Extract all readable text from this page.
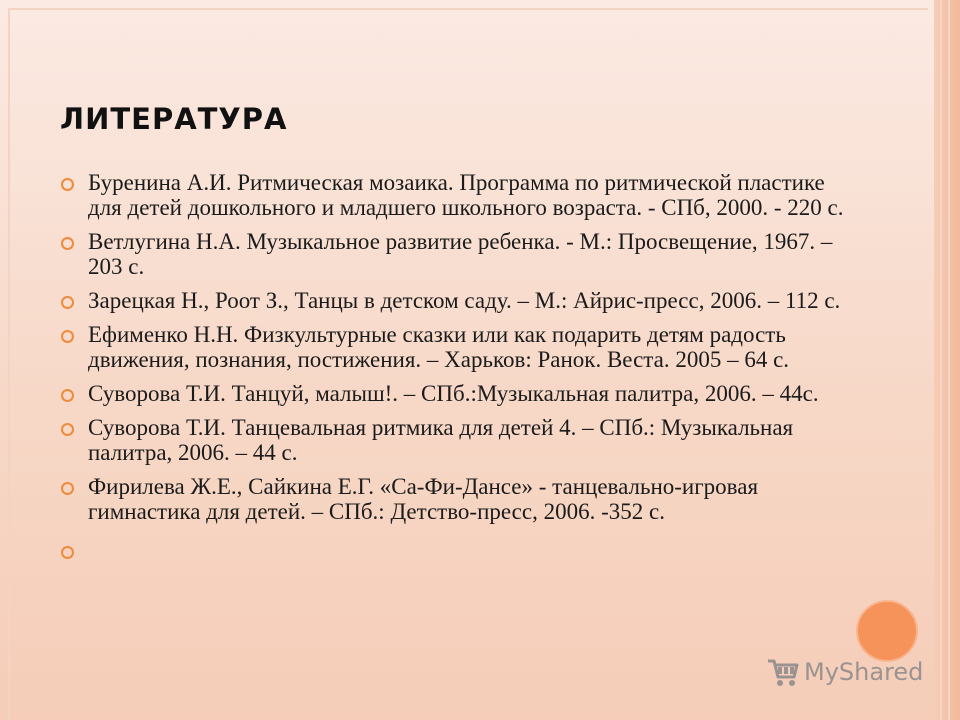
ЛИТЕРАТУРА
Буренина А.И. Ритмическая мозаика. Программа по ритмической пластике для детей дошкольного и младшего школьного возраста. - СПб, 2000. - 220 с.
Ветлугина Н.А. Музыкальное развитие ребенка. - М.: Просвещение, 1967. – 203 с.
Зарецкая Н., Роот З., Танцы в детском саду. – М.: Айрис-пресс, 2006. – 112 с.
Ефименко Н.Н. Физкультурные сказки или как подарить детям радость движения, познания, постижения. – Харьков: Ранок. Веста. 2005 – 64 с.
Суворова Т.И. Танцуй, малыш!. – СПб.:Музыкальная палитра, 2006. – 44с.
Суворова Т.И. Танцевальная ритмика для детей 4. – СПб.: Музыкальная палитра, 2006. – 44 с.
Фирилева Ж.Е., Сайкина Е.Г. «Са-Фи-Дансе» - танцевально-игровая гимнастика для детей. – СПб.: Детство-пресс, 2006. -352 с.
MyShared
